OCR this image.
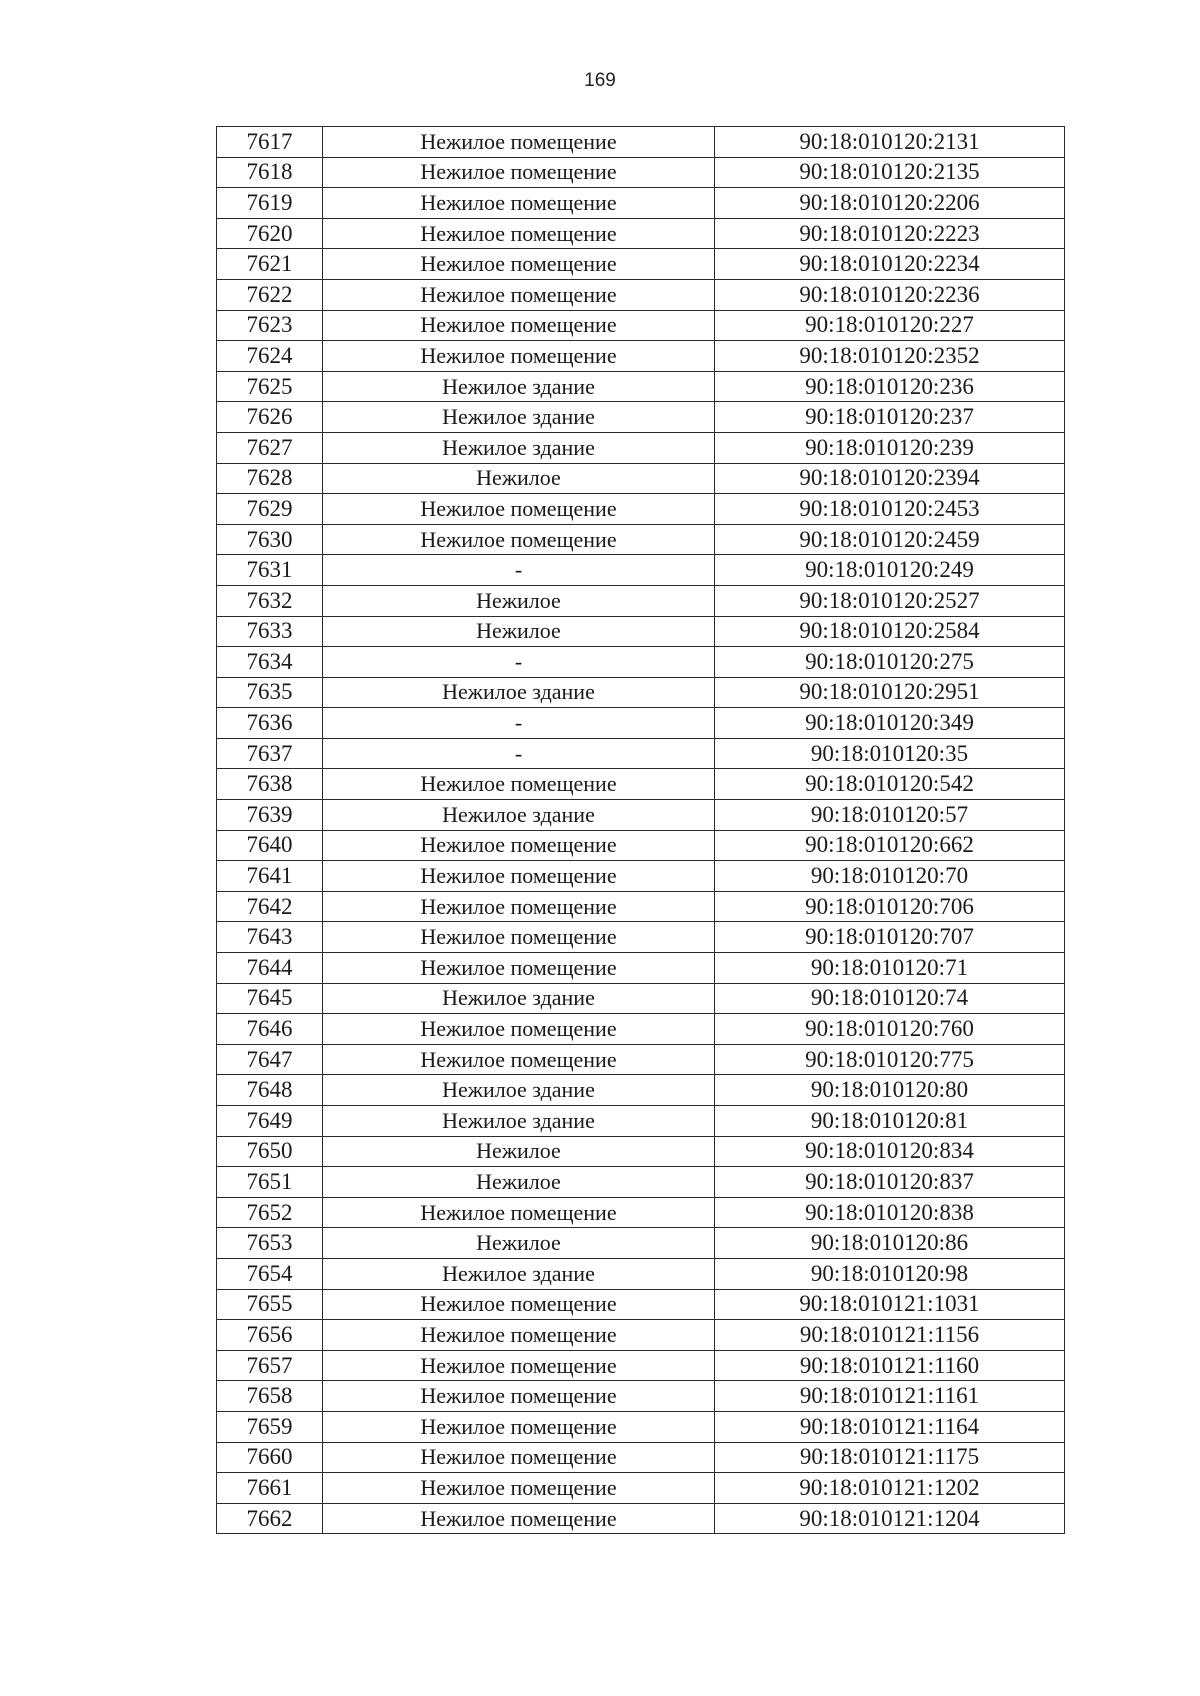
169
7617	Нежилое помещение	90:18:010120:2131
7618	Нежилое помещение	90:18:010120:2135
7619	Нежилое помещение	90:18:010120:2206
7620	Нежилое помещение	90:18:010120:2223
7621	Нежилое помещение	90:18:010120:2234
7622	Нежилое помещение	90:18:010120:2236
7623	Нежилое помещение	90:18:010120:227
7624	Нежилое помещение	90:18:010120:2352
7625	Нежилое здание	90:18:010120:236
7626	Нежилое здание	90:18:010120:237
7627	Нежилое здание	90:18:010120:239
7628	Нежилое	90:18:010120:2394
7629	Нежилое помещение	90:18:010120:2453
7630	Нежилое помещение	90:18:010120:2459
7631	-	90:18:010120:249
7632	Нежилое	90:18:010120:2527
7633	Нежилое	90:18:010120:2584
7634	-	90:18:010120:275
7635	Нежилое здание	90:18:010120:2951
7636	-	90:18:010120:349
7637	-	90:18:010120:35
7638	Нежилое помещение	90:18:010120:542
7639	Нежилое здание	90:18:010120:57
7640	Нежилое помещение	90:18:010120:662
7641	Нежилое помещение	90:18:010120:70
7642	Нежилое помещение	90:18:010120:706
7643	Нежилое помещение	90:18:010120:707
7644	Нежилое помещение	90:18:010120:71
7645	Нежилое здание	90:18:010120:74
7646	Нежилое помещение	90:18:010120:760
7647	Нежилое помещение	90:18:010120:775
7648	Нежилое здание	90:18:010120:80
7649	Нежилое здание	90:18:010120:81
7650	Нежилое	90:18:010120:834
7651	Нежилое	90:18:010120:837
7652	Нежилое помещение	90:18:010120:838
7653	Нежилое	90:18:010120:86
7654	Нежилое здание	90:18:010120:98
7655	Нежилое помещение	90:18:010121:1031
7656	Нежилое помещение	90:18:010121:1156
7657	Нежилое помещение	90:18:010121:1160
7658	Нежилое помещение	90:18:010121:1161
7659	Нежилое помещение	90:18:010121:1164
7660	Нежилое помещение	90:18:010121:1175
7661	Нежилое помещение	90:18:010121:1202
7662	Нежилое помещение	90:18:010121:1204
